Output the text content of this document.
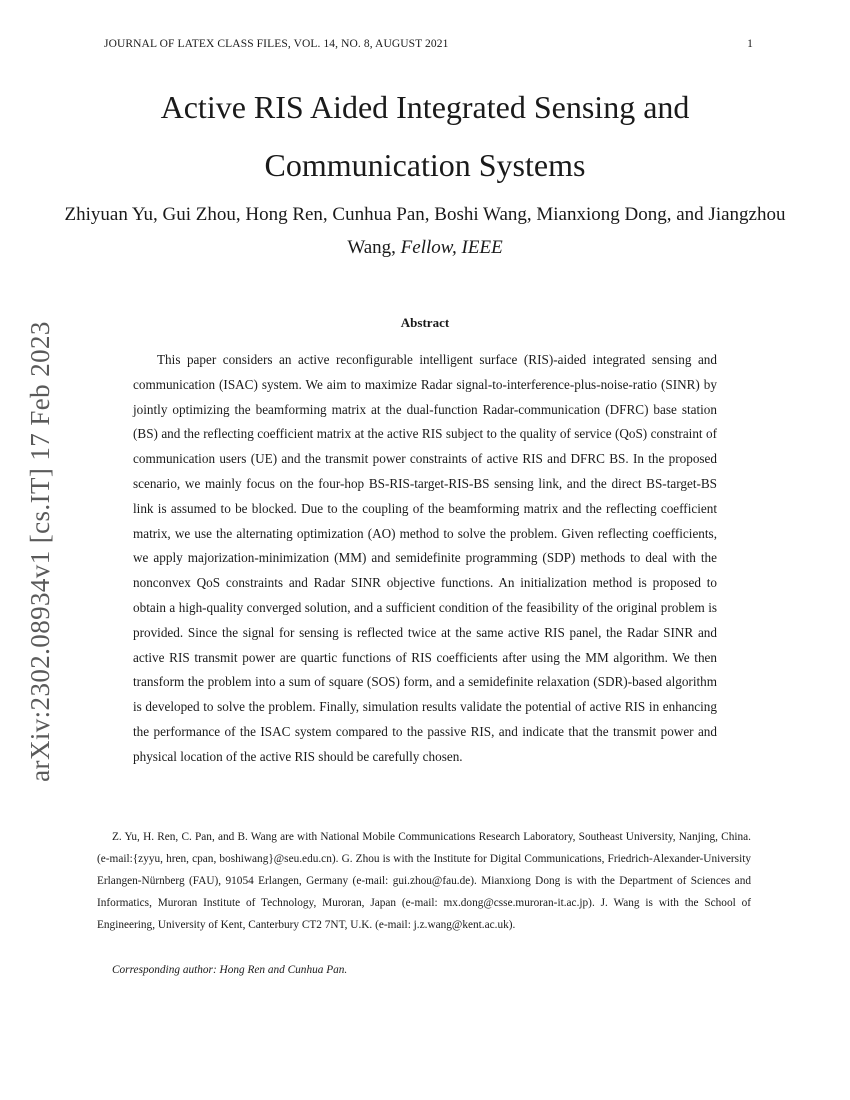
JOURNAL OF LATEX CLASS FILES, VOL. 14, NO. 8, AUGUST 2021	1
Active RIS Aided Integrated Sensing and Communication Systems
Zhiyuan Yu, Gui Zhou, Hong Ren, Cunhua Pan, Boshi Wang, Mianxiong Dong, and Jiangzhou Wang, Fellow, IEEE
arXiv:2302.08934v1 [cs.IT] 17 Feb 2023	Abstract

This paper considers an active reconfigurable intelligent surface (RIS)-aided integrated sensing and communication (ISAC) system. We aim to maximize Radar signal-to-interference-plus-noise-ratio (SINR) by jointly optimizing the beamforming matrix at the dual-function Radar-communication (DFRC) base station (BS) and the reflecting coefficient matrix at the active RIS subject to the quality of service (QoS) constraint of communication users (UE) and the transmit power constraints of active RIS and DFRC BS. In the proposed scenario, we mainly focus on the four-hop BS-RIS-target-RIS-BS sensing link, and the direct BS-target-BS link is assumed to be blocked. Due to the coupling of the beamforming matrix and the reflecting coefficient matrix, we use the alternating optimization (AO) method to solve the problem. Given reflecting coefficients, we apply majorization-minimization (MM) and semidefinite programming (SDP) methods to deal with the nonconvex QoS constraints and Radar SINR objective functions. An initialization method is proposed to obtain a high-quality converged solution, and a sufficient condition of the feasibility of the original problem is provided. Since the signal for sensing is reflected twice at the same active RIS panel, the Radar SINR and active RIS transmit power are quartic functions of RIS coefficients after using the MM algorithm. We then transform the problem into a sum of square (SOS) form, and a semidefinite relaxation (SDR)-based algorithm is developed to solve the problem. Finally, simulation results validate the potential of active RIS in enhancing the performance of the ISAC system compared to the passive RIS, and indicate that the transmit power and physical location of the active RIS should be carefully chosen.

Z. Yu, H. Ren, C. Pan, and B. Wang are with National Mobile Communications Research Laboratory, Southeast University, Nanjing, China. (e-mail:{zyyu, hren, cpan, boshiwang}@seu.edu.cn). G. Zhou is with the Institute for Digital Communications, Friedrich-Alexander-University Erlangen-Nürnberg (FAU), 91054 Erlangen, Germany (e-mail: gui.zhou@fau.de). Mianxiong Dong is with the Department of Sciences and Informatics, Muroran Institute of Technology, Muroran, Japan (e-mail: mx.dong@csse.muroran-it.ac.jp). J. Wang is with the School of Engineering, University of Kent, Canterbury CT2 7NT, U.K. (e-mail: j.z.wang@kent.ac.uk).

Corresponding author: Hong Ren and Cunhua Pan.
